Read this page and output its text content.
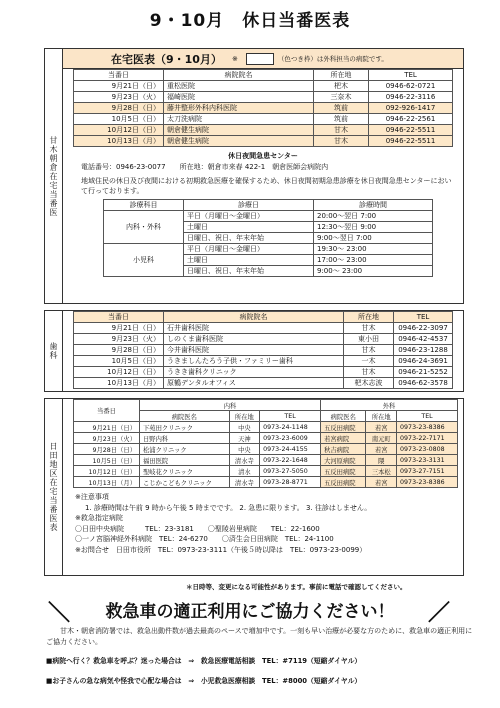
9・10月　休日当番医表
甘木朝倉在宅当番医
在宅医表（9・10月） ※	（色つき枠）は外科担当の病院です。
当番日	病院院名	所在地	TEL
9月21日（日）	重松医院	杷木	0946-62-0721
9月23日（火）	福崎医院	三奈木	0946-22-3116
9月28日（日）	藤井整形外科内科医院	筑前	092-926-1417
10月5日（日）	太刀洗病院	筑前	0946-22-2561
10月12日（日）	朝倉健生病院	甘木	0946-22-5511
10月13日（月）	朝倉健生病院	甘木	0946-22-5511
休日夜間急患センター
電話番号：0946-23-0077　　所在地：朝倉市来春 422-1　朝倉医師会病院内
地域住民の休日及び夜間における初期救急医療を確保するため、休日夜間初期急患診療を休日夜間急患センターにおいて行っております。
診療科目	診療日	診療時間
内科・外科	平日（月曜日〜金曜日）	20:00〜翌日 7:00
	土曜日	12:30〜翌日 9:00
	日曜日、祝日、年末年始	9:00〜翌日 7:00
小児科	平日（月曜日〜金曜日）	19:30〜 23:00
	土曜日	17:00〜 23:00
	日曜日、祝日、年末年始	9:00〜 23:00
歯科
当番日	病院院名	所在地	TEL
9月21日（日）	石井歯科医院	甘木	0946-22-3097
9月23日（火）	しのくま歯科医院	東小田	0946-42-4537
9月28日（日）	今井歯科医院	甘木	0946-23-1288
10月5日（日）	うきましんたろう子供・ファミリー歯科	一木	0946-24-3691
10月12日（日）	うきき歯科クリニック	甘木	0946-21-5252
10月13日（月）	原鶴デンタルオフィス	杷木志波	0946-62-3578
日田地区在宅当番医表
当番日	内科			外科		
	病院医名	所在地	TEL	病院医名	所在地	TEL
9月21日（日）	下苑田クリニック	中央	0973-24-1148	五反田病院	若宮	0973-23-8386
9月23日（火）	日野内科	天神	0973-23-6009	若宮病院	南元町	0973-22-7171
9月28日（日）	松浦クリニック	中央	0973-24-4155	秋吉病院	若宮	0973-23-0808
10月5日（日）	福田医院	清水寺	0973-22-1648	大河原病院	隈	0973-23-3131
10月12日（日）	聖岐花クリニック	清水	0973-27-5050	五反田病院	三本松	0973-27-7151
10月13日（月）	こじかこどもクリニック	清水寺	0973-28-8771	五反田病院	若宮	0973-23-8386
※注意事項
1. 診療時間は午前 9 時から午後 5 時までです。 2. 急患に限ります。 3. 往診はしません。
※救急指定病院
〇日田中央病院　　　TEL：23-3181　　〇聖陵岩里病院　　TEL：22-1600
〇一ノ宮脳神経外科病院　TEL：24-6270　　〇済生会日田病院　TEL：24-1100
※お問合せ　日田市役所　TEL：0973-23-3111（午後５時以降は　TEL：0973-23-0099）
＊日時等、変更になる可能性があります。事前に電話で確認してください。
＼	救急車の適正利用にご協力ください！	／
甘木・朝倉消防署では、救急出動件数が過去最高のペースで増加中です。一刻も早い治療が必要な方のために、救急車の適正利用にご協力ください。
■病院へ行く？救急車を呼ぶ？迷った場合は　⇒　救急医療電話相談　TEL：#7119（短縮ダイヤル）
■お子さんの急な病気や怪我で心配な場合は　⇒　小児救急医療相談　TEL：#8000（短縮ダイヤル）
